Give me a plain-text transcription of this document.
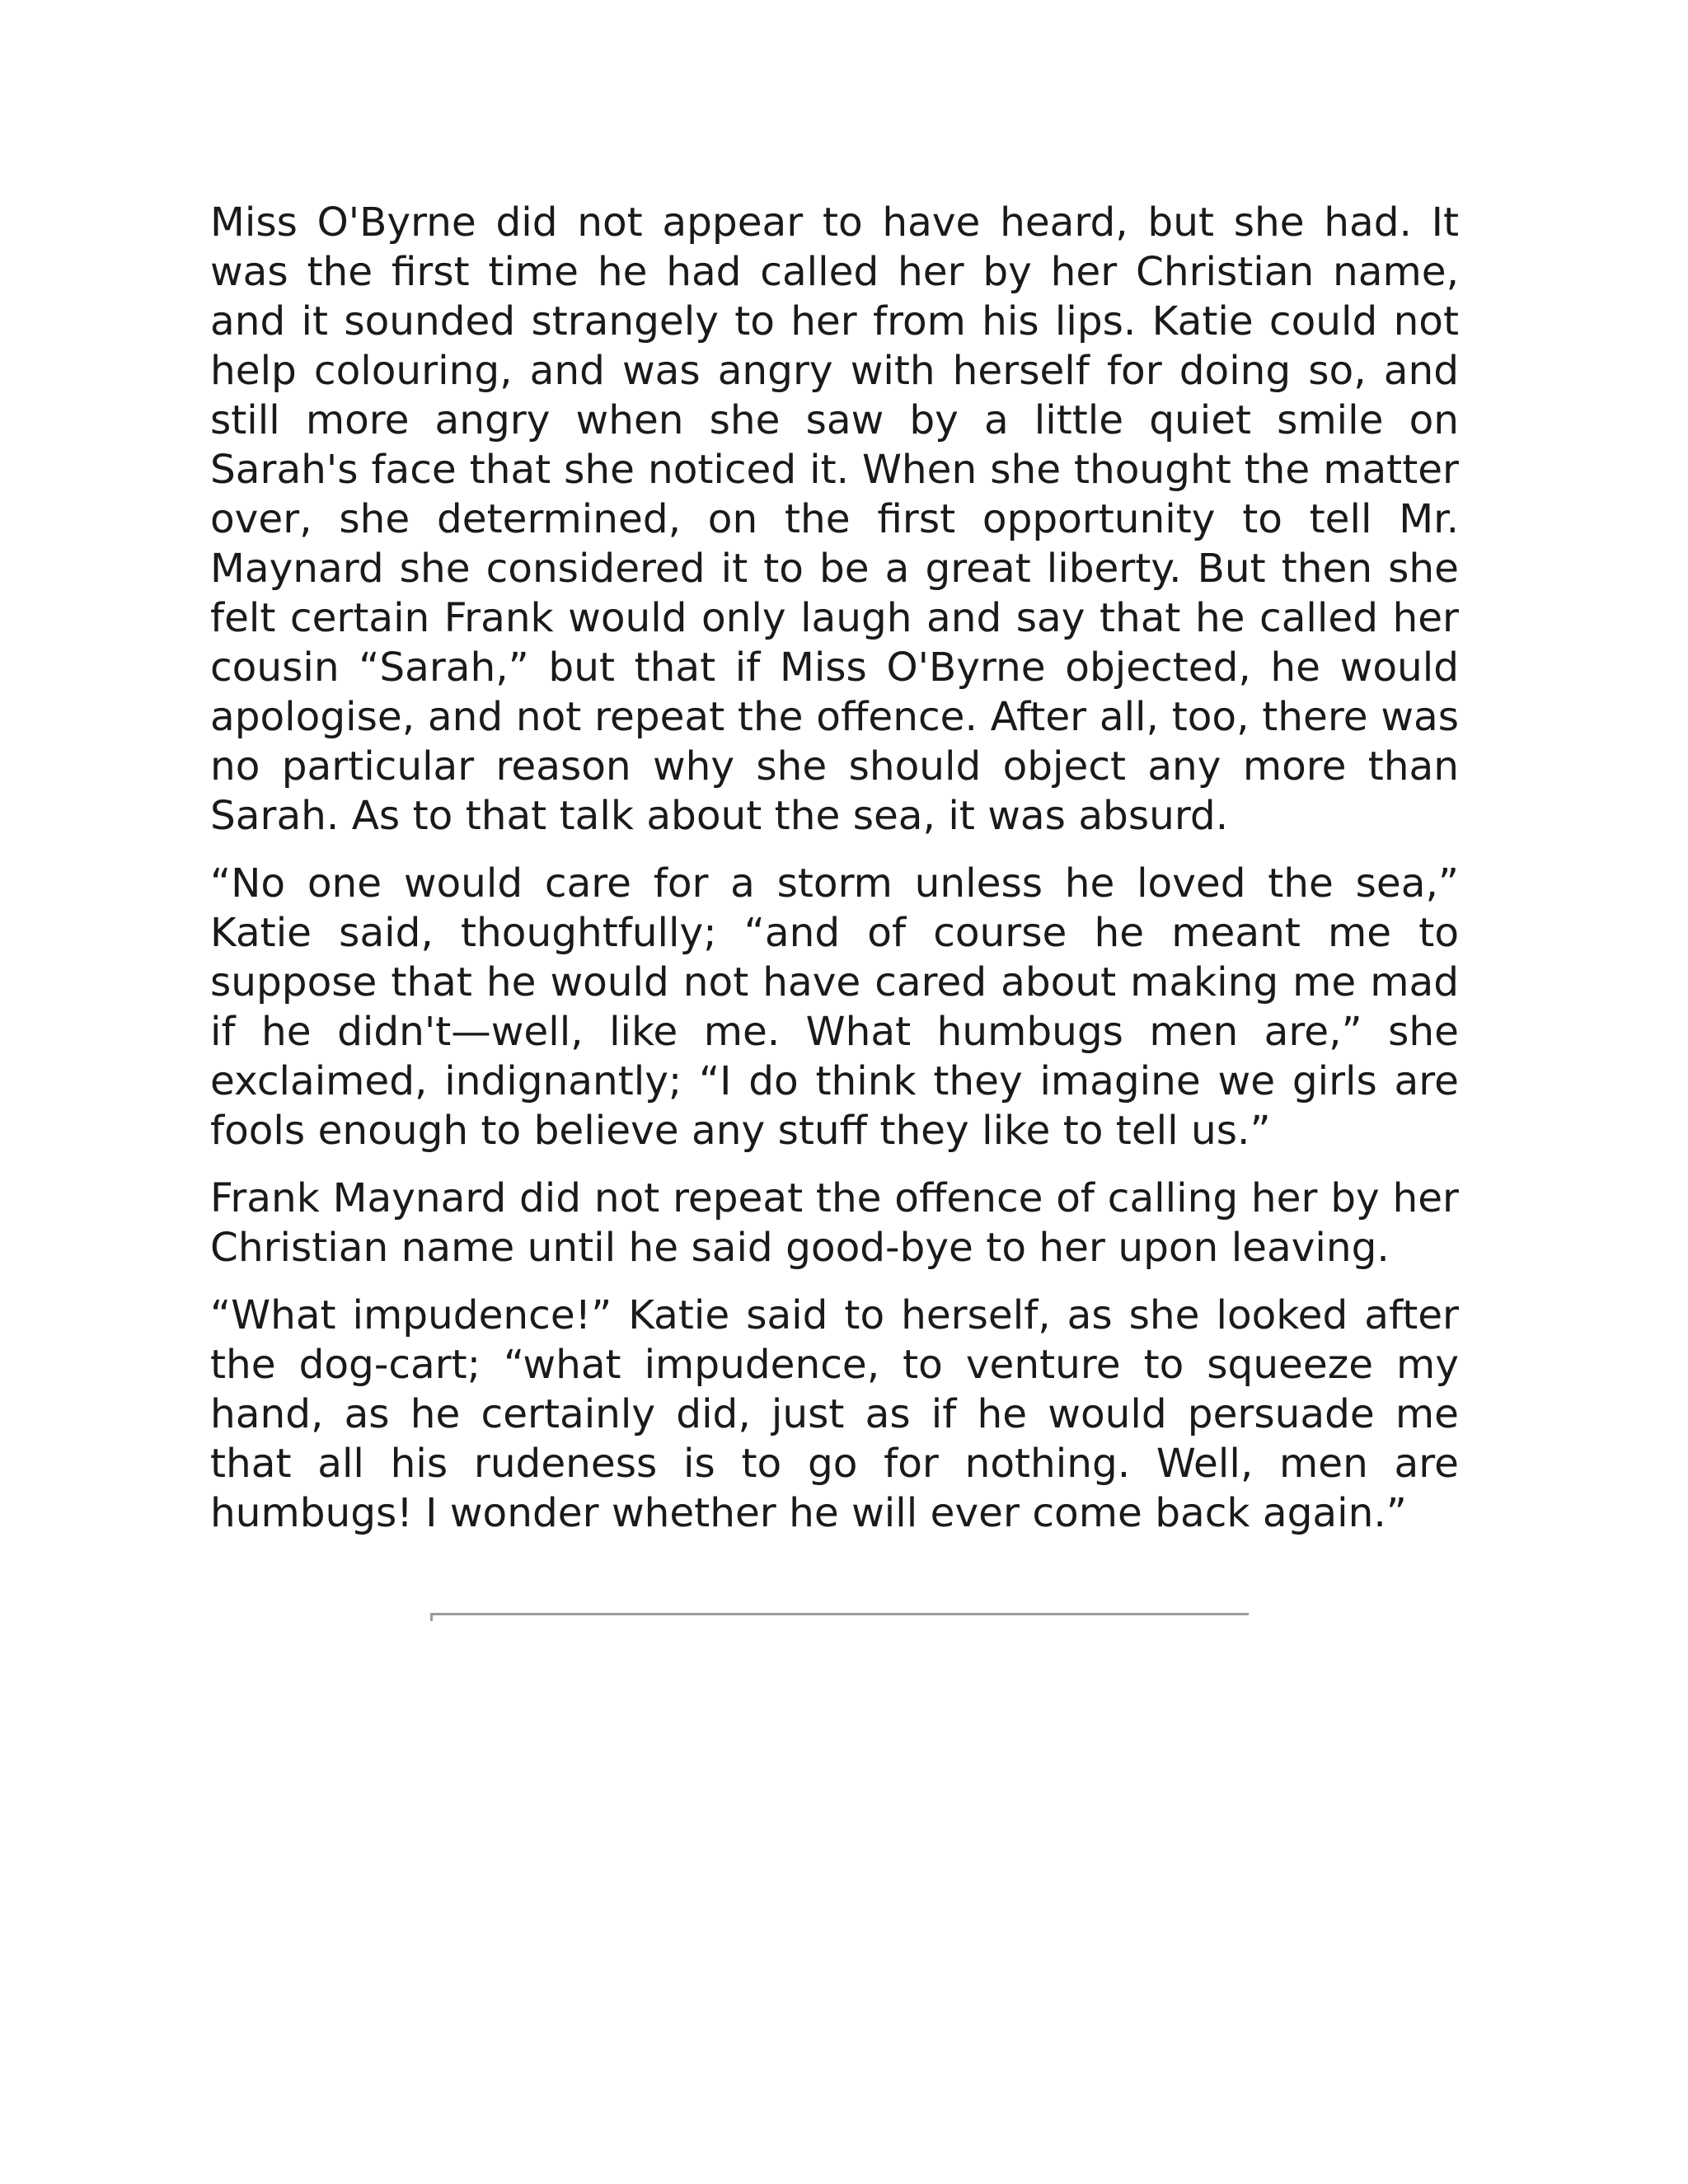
Miss O'Byrne did not appear to have heard, but she had. It was the first time he had called her by her Christian name, and it sounded strangely to her from his lips. Katie could not help colouring, and was angry with herself for doing so, and still more angry when she saw by a little quiet smile on Sarah's face that she noticed it. When she thought the matter over, she determined, on the first opportunity to tell Mr. Maynard she considered it to be a great liberty. But then she felt certain Frank would only laugh and say that he called her cousin “Sarah,” but that if Miss O'Byrne objected, he would apologise, and not repeat the offence. After all, too, there was no particular reason why she should object any more than Sarah. As to that talk about the sea, it was absurd.

“No one would care for a storm unless he loved the sea,” Katie said, thoughtfully; “and of course he meant me to suppose that he would not have cared about making me mad if he didn't—well, like me. What humbugs men are,” she exclaimed, indignantly; “I do think they imagine we girls are fools enough to believe any stuff they like to tell us.”

Frank Maynard did not repeat the offence of calling her by her Christian name until he said good-bye to her upon leaving.

“What impudence!” Katie said to herself, as she looked after the dog-cart; “what impudence, to venture to squeeze my hand, as he certainly did, just as if he would persuade me that all his rudeness is to go for nothing. Well, men are humbugs! I wonder whether he will ever come back again.”
